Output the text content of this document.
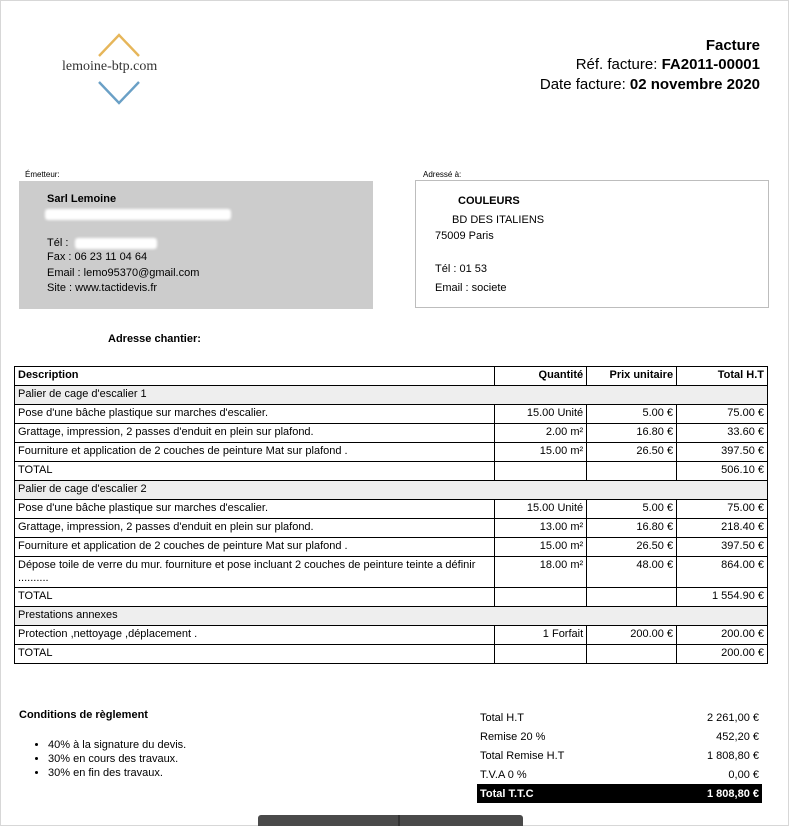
lemoine-btp.com
Facture
Réf. facture: FA2011-00001
Date facture: 02 novembre 2020
Émetteur:
Sarl Lemoine
Tél :
Fax : 06 23 11 04 64
Email : lemo95370@gmail.com
Site : www.tactidevis.fr
Adressé à:
COULEURS
BD DES ITALIENS
75009 Paris
Tél : 01 53
Email : societe
Adresse chantier:
Description	Quantité	Prix unitaire	Total H.T
Palier de cage d'escalier 1			
Pose d'une bâche plastique sur marches d'escalier.	15.00 Unité	5.00 €	75.00 €
Grattage, impression, 2 passes d'enduit en plein sur plafond.	2.00 m²	16.80 €	33.60 €
Fourniture et application de 2 couches de peinture Mat sur plafond .	15.00 m²	26.50 €	397.50 €
TOTAL			506.10 €
Palier de cage d'escalier 2			
Pose d'une bâche plastique sur marches d'escalier.	15.00 Unité	5.00 €	75.00 €
Grattage, impression, 2 passes d'enduit en plein sur plafond.	13.00 m²	16.80 €	218.40 €
Fourniture et application de 2 couches de peinture Mat sur plafond .	15.00 m²	26.50 €	397.50 €
Dépose toile de verre du mur. fourniture et pose incluant 2 couches de peinture teinte a définir ..........	18.00 m²	48.00 €	864.00 €
TOTAL			1 554.90 €
Prestations annexes			
Protection ,nettoyage ,déplacement .	1 Forfait	200.00 €	200.00 €
TOTAL			200.00 €
Conditions de règlement
• 40% à la signature du devis.
• 30% en cours des travaux.
• 30% en fin des travaux.
Total H.T	2 261,00 €
Remise 20 %	452,20 €
Total Remise H.T	1 808,80 €
T.V.A 0 %	0,00 €
Total T.T.C	1 808,80 €
